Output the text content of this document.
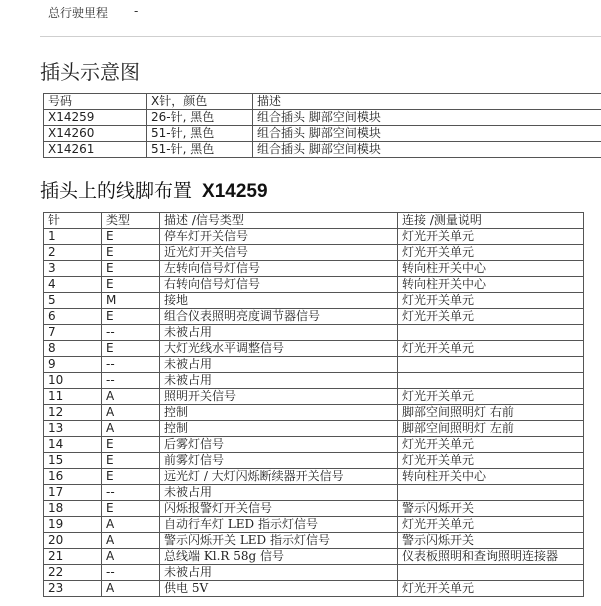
总行驶里程 -
插头示意图
号码	X针，颜色	描述
X14259	26-针, 黑色	组合插头 脚部空间模块
X14260	51-针, 黑色	组合插头 脚部空间模块
X14261	51-针, 黑色	组合插头 脚部空间模块
插头上的线脚布置 X14259
针	类型	描述 /信号类型	连接 /测量说明
1	E	停车灯开关信号	灯光开关单元
2	E	近光灯开关信号	灯光开关单元
3	E	左转向信号灯信号	转向柱开关中心
4	E	右转向信号灯信号	转向柱开关中心
5	M	接地	灯光开关单元
6	E	组合仪表照明亮度调节器信号	灯光开关单元
7	--	未被占用	
8	E	大灯光线水平调整信号	灯光开关单元
9	--	未被占用	
10	--	未被占用	
11	A	照明开关信号	灯光开关单元
12	A	控制	脚部空间照明灯 右前
13	A	控制	脚部空间照明灯 左前
14	E	后雾灯信号	灯光开关单元
15	E	前雾灯信号	灯光开关单元
16	E	远光灯 / 大灯闪烁断续器开关信号	转向柱开关中心
17	--	未被占用	
18	E	闪烁报警灯开关信号	警示闪烁开关
19	A	自动行车灯 LED 指示灯信号	灯光开关单元
20	A	警示闪烁开关 LED 指示灯信号	警示闪烁开关
21	A	总线端 Kl.R 58g 信号	仪表板照明和查询照明连接器
22	--	未被占用	
23	A	供电 5V	灯光开关单元
